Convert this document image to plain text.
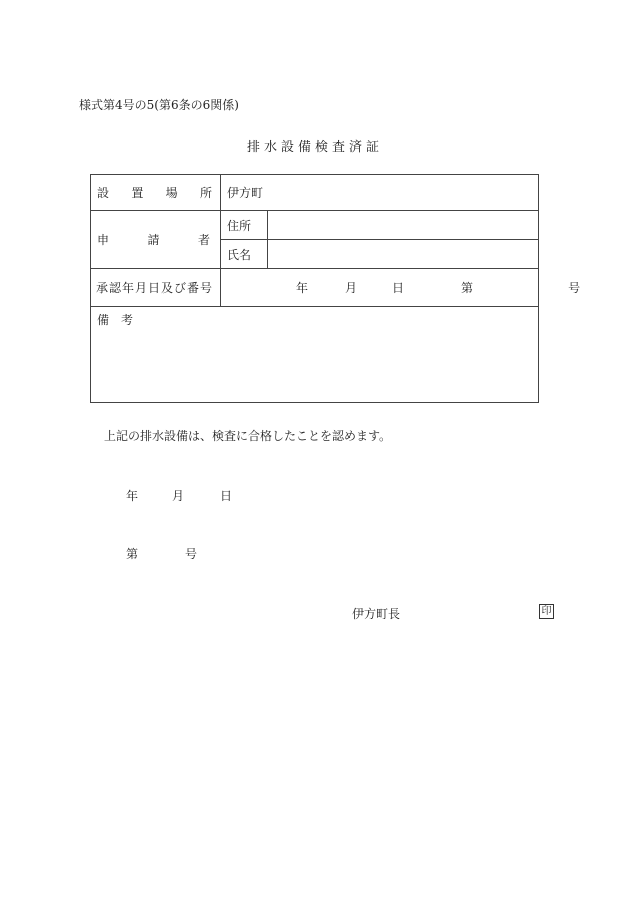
様式第4号の5(第6条の6関係)
排水設備検査済証
設 置 場 所	伊方町	

申 請 者	住所	
	氏名	
承認年月日及び番号	年 月 日 第 号	

備　考		
上記の排水設備は、検査に合格したことを認めます。
年	月	日
第	号
伊方町長	印
